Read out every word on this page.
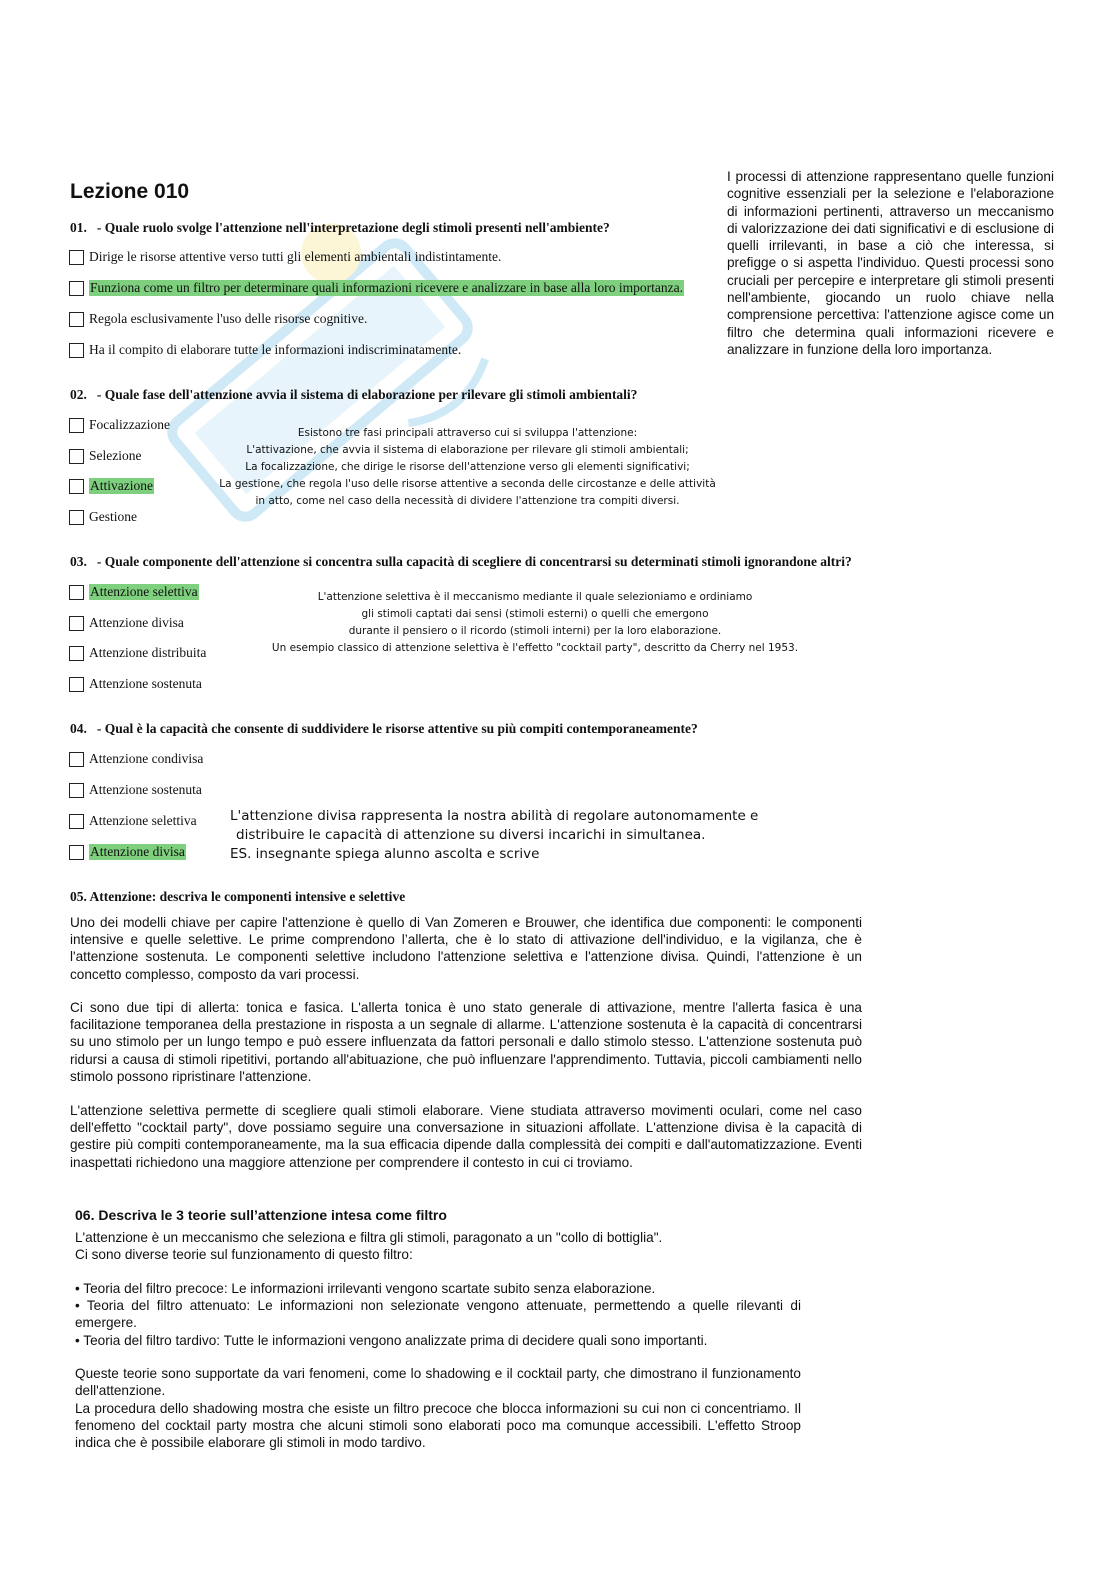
Lezione 010
I processi di attenzione rappresentano quelle funzioni cognitive essenziali per la selezione e l'elaborazione di informazioni pertinenti, attraverso un meccanismo di valorizzazione dei dati significativi e di esclusione di quelli irrilevanti, in base a ciò che interessa, si prefigge o si aspetta l'individuo. Questi processi sono cruciali per percepire e interpretare gli stimoli presenti nell'ambiente, giocando un ruolo chiave nella comprensione percettiva: l'attenzione agisce come un filtro che determina quali informazioni ricevere e analizzare in funzione della loro importanza.
01. - Quale ruolo svolge l'attenzione nell'interpretazione degli stimoli presenti nell'ambiente?
Dirige le risorse attentive verso tutti gli elementi ambientali indistintamente.
Funziona come un filtro per determinare quali informazioni ricevere e analizzare in base alla loro importanza.
Regola esclusivamente l'uso delle risorse cognitive.
Ha il compito di elaborare tutte le informazioni indiscriminatamente.
02. - Quale fase dell'attenzione avvia il sistema di elaborazione per rilevare gli stimoli ambientali?
Focalizzazione
Selezione
Attivazione
Gestione
Esistono tre fasi principali attraverso cui si sviluppa l'attenzione:
L'attivazione, che avvia il sistema di elaborazione per rilevare gli stimoli ambientali;
La focalizzazione, che dirige le risorse dell'attenzione verso gli elementi significativi;
La gestione, che regola l'uso delle risorse attentive a seconda delle circostanze e delle attività
in atto, come nel caso della necessità di dividere l'attenzione tra compiti diversi.
03. - Quale componente dell'attenzione si concentra sulla capacità di scegliere di concentrarsi su determinati stimoli ignorandone altri?
Attenzione selettiva
Attenzione divisa
Attenzione distribuita
Attenzione sostenuta
L'attenzione selettiva è il meccanismo mediante il quale selezioniamo e ordiniamo
gli stimoli captati dai sensi (stimoli esterni) o quelli che emergono
durante il pensiero o il ricordo (stimoli interni) per la loro elaborazione.
Un esempio classico di attenzione selettiva è l'effetto "cocktail party", descritto da Cherry nel 1953.
04. - Qual è la capacità che consente di suddividere le risorse attentive su più compiti contemporaneamente?
Attenzione condivisa
Attenzione sostenuta
Attenzione selettiva
Attenzione divisa
L'attenzione divisa rappresenta la nostra abilità di regolare autonomamente e
distribuire le capacità di attenzione su diversi incarichi in simultanea.
ES. insegnante spiega alunno ascolta e scrive
05. Attenzione: descriva le componenti intensive e selettive
Uno dei modelli chiave per capire l'attenzione è quello di Van Zomeren e Brouwer, che identifica due componenti: le componenti intensive e quelle selettive. Le prime comprendono l’allerta, che è lo stato di attivazione dell'individuo, e la vigilanza, che è l'attenzione sostenuta. Le componenti selettive includono l'attenzione selettiva e l'attenzione divisa. Quindi, l'attenzione è un concetto complesso, composto da vari processi.
Ci sono due tipi di allerta: tonica e fasica. L'allerta tonica è uno stato generale di attivazione, mentre l'allerta fasica è una facilitazione temporanea della prestazione in risposta a un segnale di allarme. L'attenzione sostenuta è la capacità di concentrarsi su uno stimolo per un lungo tempo e può essere influenzata da fattori personali e dallo stimolo stesso. L'attenzione sostenuta può ridursi a causa di stimoli ripetitivi, portando all'abituazione, che può influenzare l'apprendimento. Tuttavia, piccoli cambiamenti nello stimolo possono ripristinare l'attenzione.
L'attenzione selettiva permette di scegliere quali stimoli elaborare. Viene studiata attraverso movimenti oculari, come nel caso dell'effetto "cocktail party", dove possiamo seguire una conversazione in situazioni affollate. L'attenzione divisa è la capacità di gestire più compiti contemporaneamente, ma la sua efficacia dipende dalla complessità dei compiti e dall'automatizzazione. Eventi inaspettati richiedono una maggiore attenzione per comprendere il contesto in cui ci troviamo.
06. Descriva le 3 teorie sull’attenzione intesa come filtro
L'attenzione è un meccanismo che seleziona e filtra gli stimoli, paragonato a un "collo di bottiglia".
Ci sono diverse teorie sul funzionamento di questo filtro:
• Teoria del filtro precoce: Le informazioni irrilevanti vengono scartate subito senza elaborazione.
• Teoria del filtro attenuato: Le informazioni non selezionate vengono attenuate, permettendo a quelle rilevanti di emergere.
• Teoria del filtro tardivo: Tutte le informazioni vengono analizzate prima di decidere quali sono importanti.
Queste teorie sono supportate da vari fenomeni, come lo shadowing e il cocktail party, che dimostrano il funzionamento dell'attenzione.
La procedura dello shadowing mostra che esiste un filtro precoce che blocca informazioni su cui non ci concentriamo. Il fenomeno del cocktail party mostra che alcuni stimoli sono elaborati poco ma comunque accessibili. L'effetto Stroop indica che è possibile elaborare gli stimoli in modo tardivo.
